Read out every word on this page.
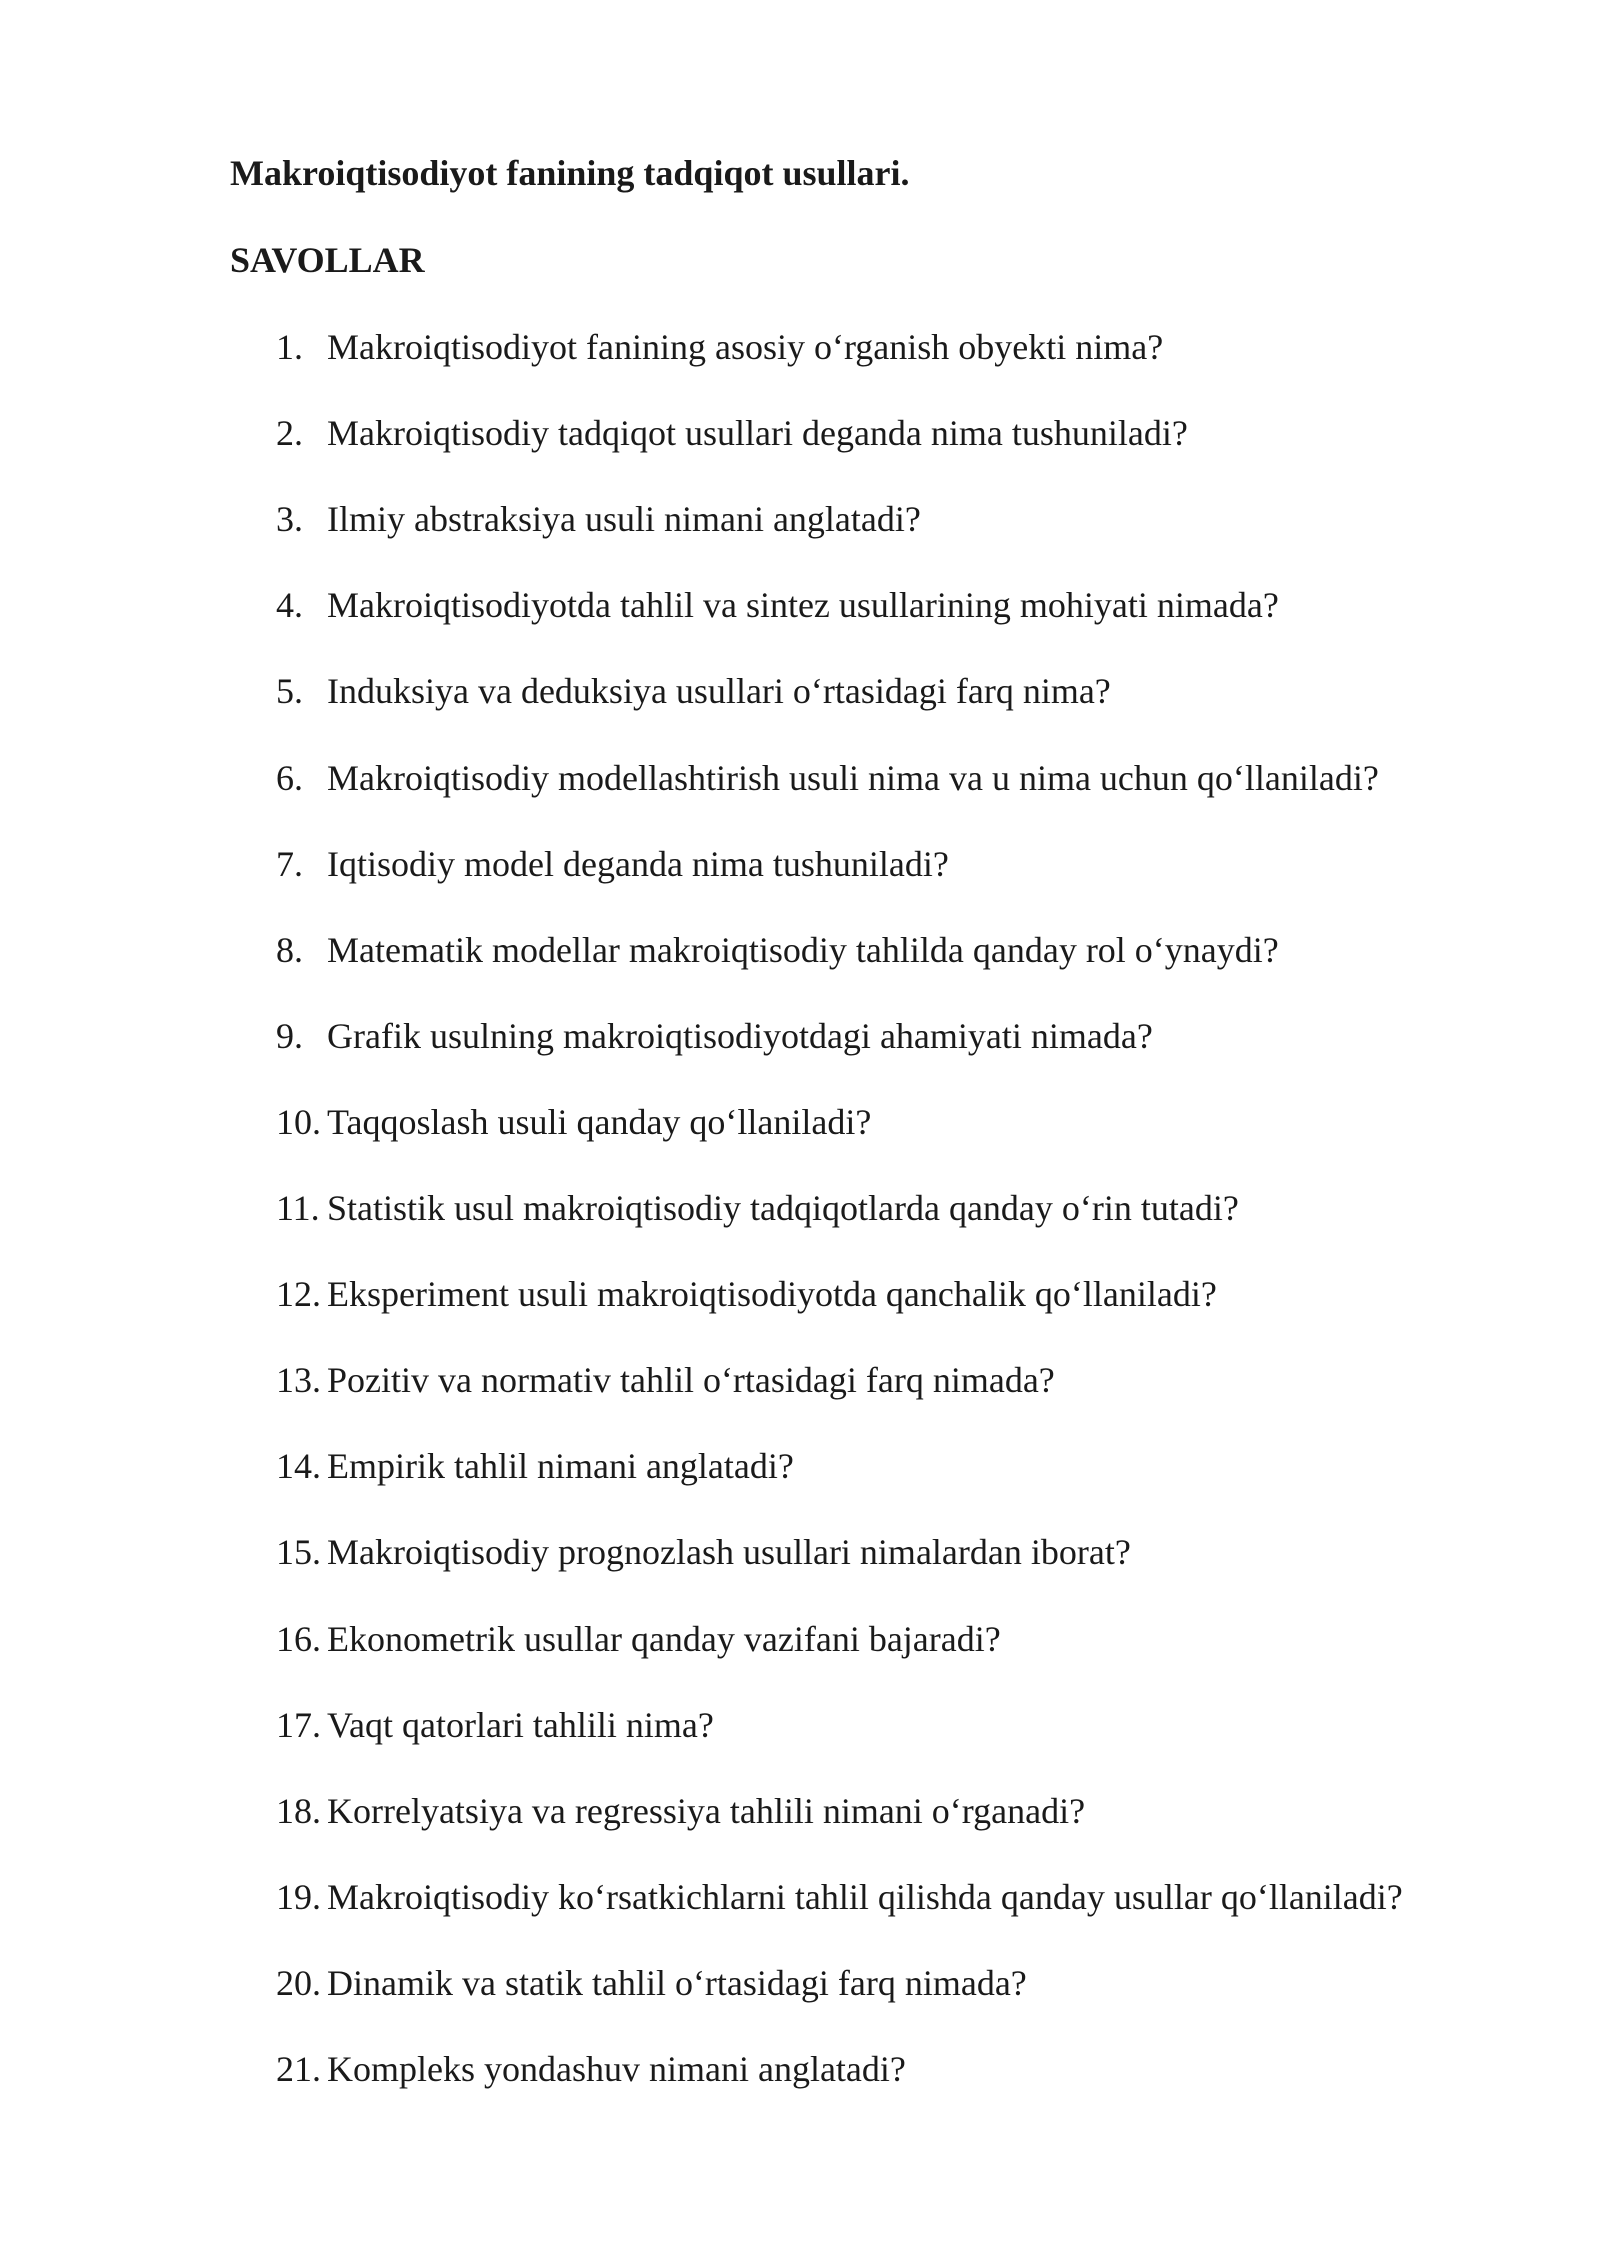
Makroiqtisodiyot fanining tadqiqot usullari.
SAVOLLAR
1. Makroiqtisodiyot fanining asosiy o‘rganish obyekti nima?
2. Makroiqtisodiy tadqiqot usullari deganda nima tushuniladi?
3. Ilmiy abstraksiya usuli nimani anglatadi?
4. Makroiqtisodiyotda tahlil va sintez usullarining mohiyati nimada?
5. Induksiya va deduksiya usullari o‘rtasidagi farq nima?
6. Makroiqtisodiy modellashtirish usuli nima va u nima uchun qo‘llaniladi?
7. Iqtisodiy model deganda nima tushuniladi?
8. Matematik modellar makroiqtisodiy tahlilda qanday rol o‘ynaydi?
9. Grafik usulning makroiqtisodiyotdagi ahamiyati nimada?
10. Taqqoslash usuli qanday qo‘llaniladi?
11. Statistik usul makroiqtisodiy tadqiqotlarda qanday o‘rin tutadi?
12. Eksperiment usuli makroiqtisodiyotda qanchalik qo‘llaniladi?
13. Pozitiv va normativ tahlil o‘rtasidagi farq nimada?
14. Empirik tahlil nimani anglatadi?
15. Makroiqtisodiy prognozlash usullari nimalardan iborat?
16. Ekonometrik usullar qanday vazifani bajaradi?
17. Vaqt qatorlari tahlili nima?
18. Korrelyatsiya va regressiya tahlili nimani o‘rganadi?
19. Makroiqtisodiy ko‘rsatkichlarni tahlil qilishda qanday usullar qo‘llaniladi?
20. Dinamik va statik tahlil o‘rtasidagi farq nimada?
21. Kompleks yondashuv nimani anglatadi?
